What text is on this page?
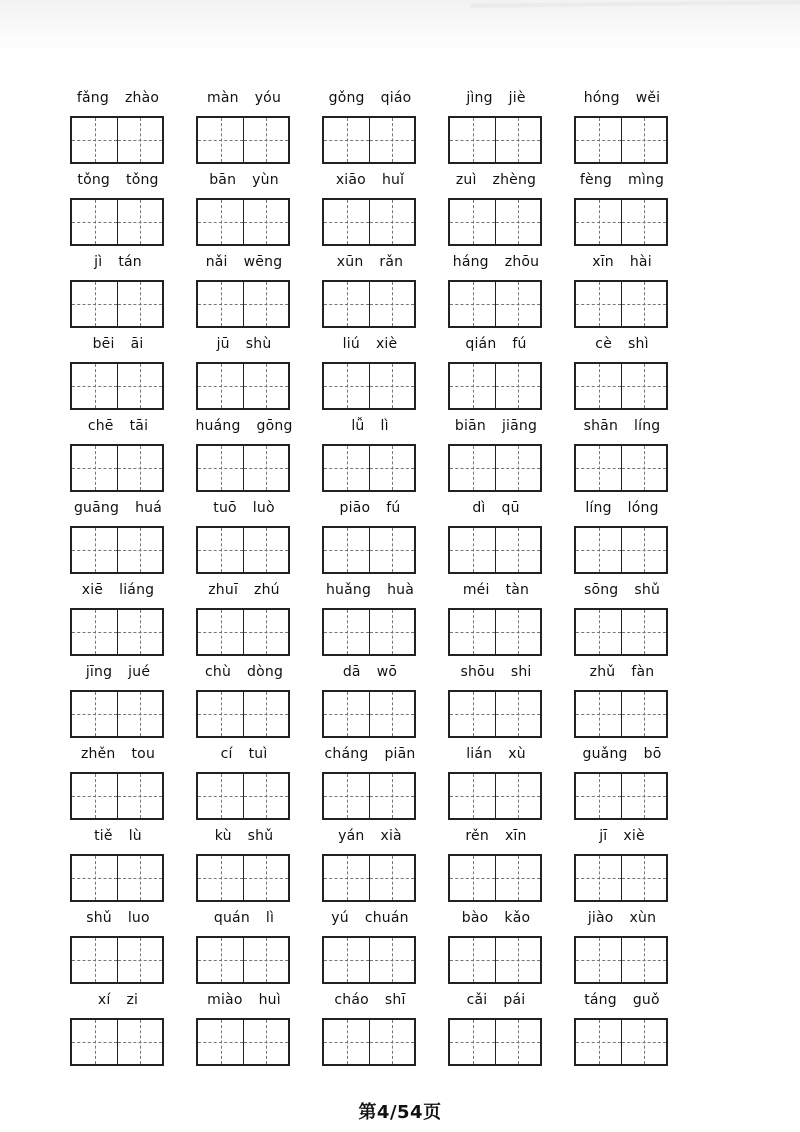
fǎng zhào	màn yóu	gǒng qiáo	jìng jiè	hóng wěi
tǒng tǒng	bān yùn	xiāo huǐ	zuì zhèng	fèng mìng
jì tán	nǎi wēng	xūn rǎn	háng zhōu	xīn hài
bēi āi	jū shù	liú xiè	qián fú	cè shì
chē tāi	huáng gōng	lǚ lì	biān jiāng	shān líng
guāng huá	tuō luò	piāo fú	dì qū	líng lóng
xiē liáng	zhuī zhú	huǎng huà	méi tàn	sōng shǔ
jīng jué	chù dòng	dā wō	shōu shi	zhǔ fàn
zhěn tou	cí tuì	cháng piān	lián xù	guǎng bō
tiě lù	kù shǔ	yán xià	rěn xīn	jī xiè
shǔ luo	quán lì	yú chuán	bào kǎo	jiào xùn
xí zi	miào huì	cháo shī	cǎi pái	táng guǒ
第4/54页
